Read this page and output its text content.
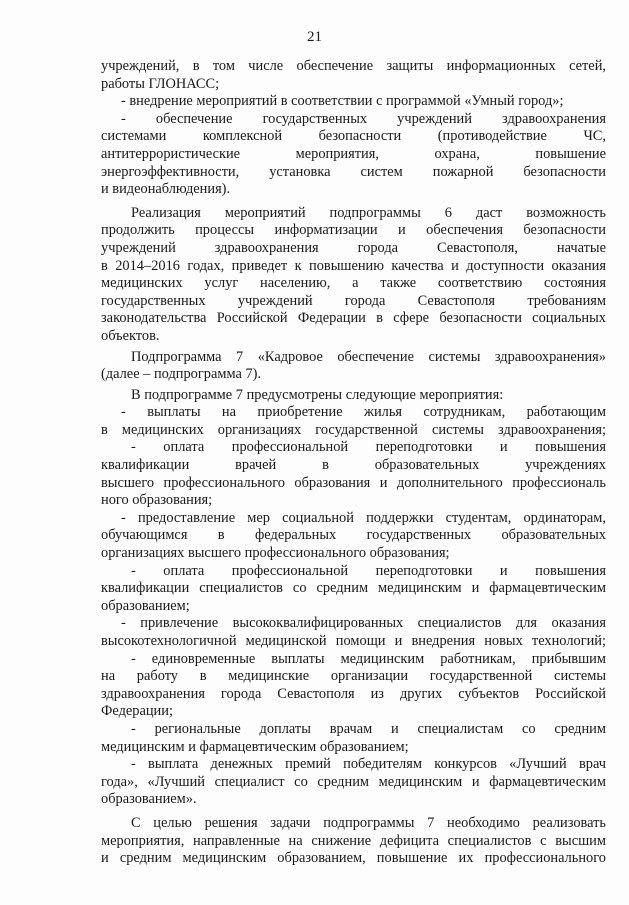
21
учреждений, в том числе обеспечение защиты информационных сетей,
работы ГЛОНАСС;
- внедрение мероприятий в соответствии с программой «Умный город»;
- обеспечение государственных учреждений здравоохранения
системами комплексной безопасности (противодействие ЧС,
антитеррористические мероприятия, охрана, повышение
энергоэффективности, установка систем пожарной безопасности
и видеонаблюдения).
Реализация мероприятий подпрограммы 6 даст возможность
продолжить процессы информатизации и обеспечения безопасности
учреждений здравоохранения города Севастополя, начатые
в 2014–2016 годах, приведет к повышению качества и доступности оказания
медицинских услуг населению, а также соответствию состояния
государственных учреждений города Севастополя требованиям
законодательства Российской Федерации в сфере безопасности социальных
объектов.
Подпрограмма 7 «Кадровое обеспечение системы здравоохранения»
(далее – подпрограмма 7).
В подпрограмме 7 предусмотрены следующие мероприятия:
- выплаты на приобретение жилья сотрудникам, работающим
в медицинских организациях государственной системы здравоохранения;
- оплата профессиональной переподготовки и повышения
квалификации врачей в образовательных учреждениях
высшего профессионального образования и дополнительного профессиональ
ного образования;
- предоставление мер социальной поддержки студентам, ординаторам,
обучающимся в федеральных государственных образовательных
организациях высшего профессионального образования;
- оплата профессиональной переподготовки и повышения
квалификации специалистов со средним медицинским и фармацевтическим
образованием;
- привлечение высококвалифицированных специалистов для оказания
высокотехнологичной медицинской помощи и внедрения новых технологий;
- единовременные выплаты медицинским работникам, прибывшим
на работу в медицинские организации государственной системы
здравоохранения города Севастополя из других субъектов Российской
Федерации;
- региональные доплаты врачам и специалистам со средним
медицинским и фармацевтическим образованием;
- выплата денежных премий победителям конкурсов «Лучший врач
года», «Лучший специалист со средним медицинским и фармацевтическим
образованием».
С целью решения задачи подпрограммы 7 необходимо реализовать
мероприятия, направленные на снижение дефицита специалистов с высшим
и средним медицинским образованием, повышение их профессионального
